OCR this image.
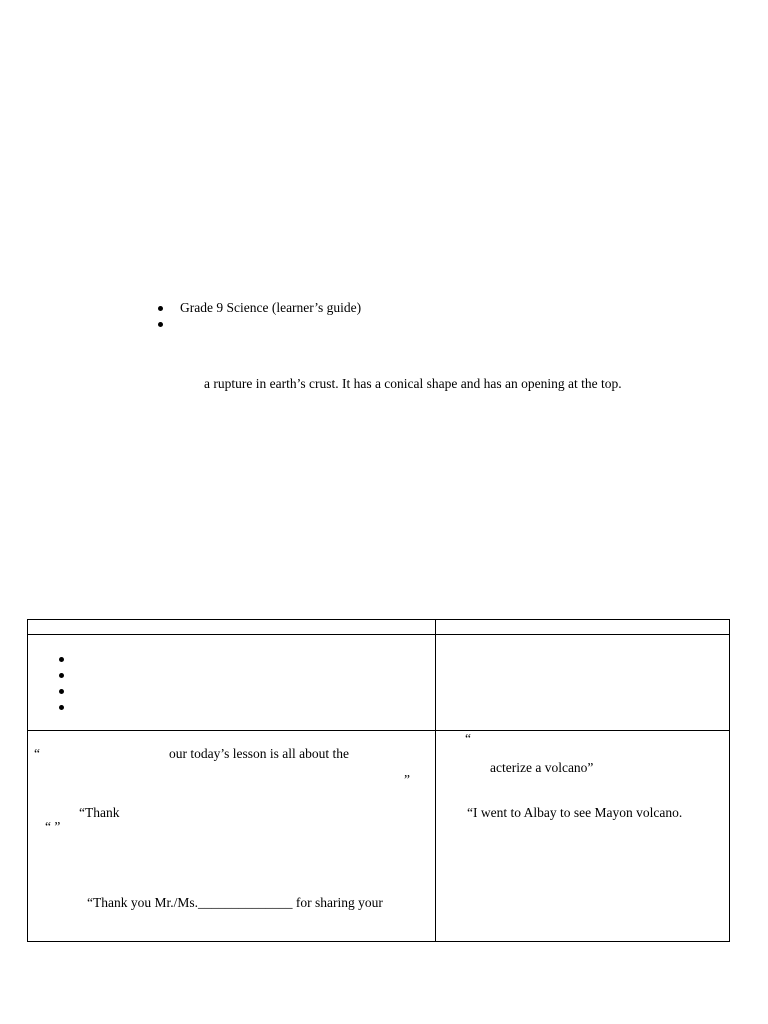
Grade 9 Science (learner’s guide)
a rupture in earth’s crust. It has a conical shape and has an opening at the top.
“	our today’s lesson is all about the
”
“Thank
“ ”
“Thank you Mr./Ms.______________ for sharing your
“
acterize a volcano”
“I went to Albay to see Mayon volcano.
